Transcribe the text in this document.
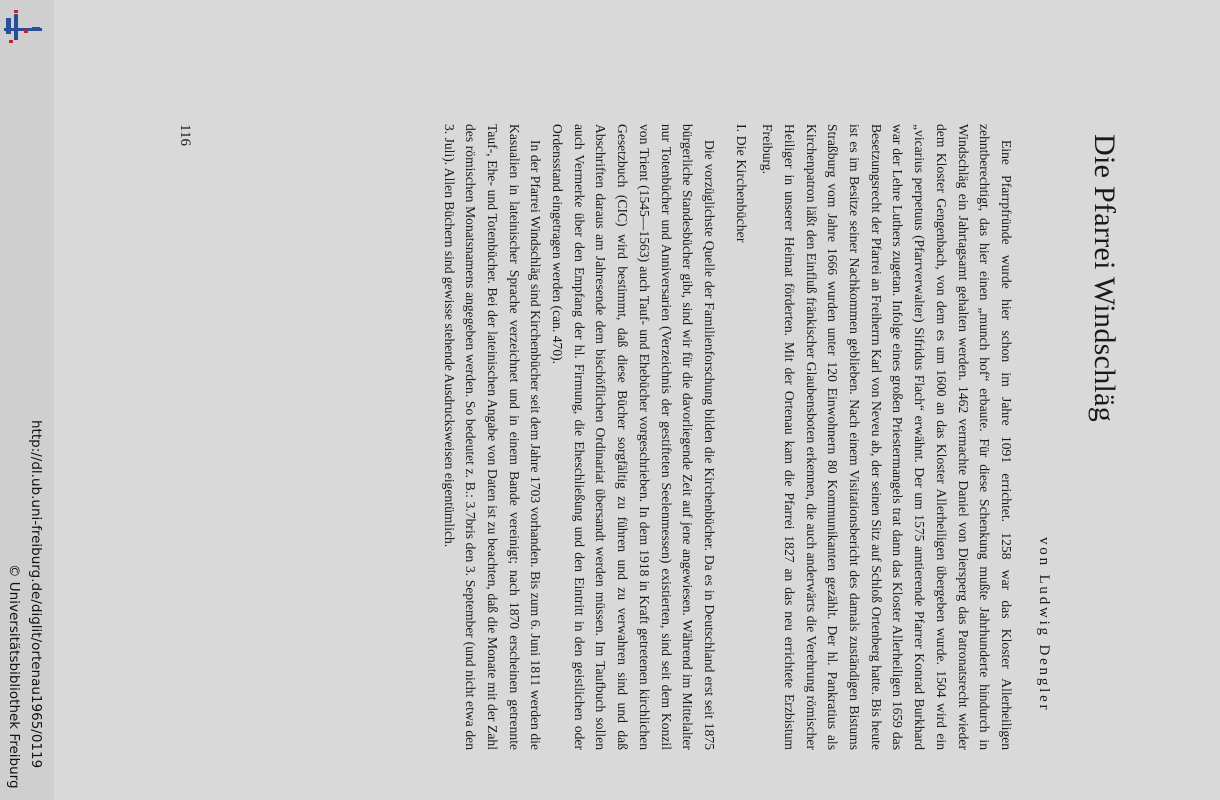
http://dl.ub.uni-freiburg.de/diglit/ortenau1965/0119
© Universitätsbibliothek Freiburg
Die Pfarrei Windschläg
von Ludwig Dengler

Eine Pfarrpfründe wurde hier schon im Jahre 1091 errichtet. 1258 war das Kloster Allerheiligen zehntberechtigt, das hier einen „munch hof“ erbaute. Für diese Schenkung mußte Jahrhunderte hindurch in Windschläg ein Jahrtagsamt gehalten werden. 1462 vermachte Daniel von Diersperg das Patronatsrecht wieder dem Kloster Gengenbach, von dem es um 1600 an das Kloster Allerheiligen übergeben wurde. 1504 wird ein „vicarius perpetuus (Pfarrverwalter) Sifridus Flach“ erwähnt. Der um 1575 amtierende Pfarrer Konrad Burkhard war der Lehre Luthers zugetan. Infolge eines großen Priestermangels trat dann das Kloster Allerheiligen 1659 das Besetzungsrecht der Pfarrei an Freiherrn Karl von Neveu ab, der seinen Sitz auf Schloß Ortenberg hatte. Bis heute ist es im Besitze seiner Nachkommen geblieben. Nach einem Visitationsbericht des damals zuständigen Bistums Straßburg vom Jahre 1666 wurden unter 120 Einwohnern 80 Kommunikanten gezählt. Der hl. Pankratius als Kirchenpatron läßt den Einfluß fränkischer Glaubensboten erkennen, die auch anderwärts die Verehrung römischer Heiliger in unserer Heimat förderten. Mit der Ortenau kam die Pfarrei 1827 an das neu errichtete Erzbistum Freiburg.

I. Die Kirchenbücher

Die vorzüglichste Quelle der Familienforschung bilden die Kirchenbücher. Da es in Deutschland erst seit 1875 bürgerliche Standesbücher gibt, sind wir für die davorliegende Zeit auf jene angewiesen. Während im Mittelalter nur Totenbücher und Anniversarien (Verzeichnis der gestifteten Seelenmessen) existierten, sind seit dem Konzil von Trient (1545—1563) auch Tauf- und Ehebücher vorgeschrieben. In dem 1918 in Kraft getretenen kirchlichen Gesetzbuch (CIC) wird bestimmt, daß diese Bücher sorgfältig zu führen und zu verwahren sind und daß Abschriften daraus am Jahresende dem bischöflichen Ordinariat übersandt werden müssen. Im Taufbuch sollen auch Vermerke über den Empfang der hl. Firmung, die Eheschließung und den Eintritt in den geistlichen oder Ordensstand eingetragen werden (can. 470).

In der Pfarrei Windschläg sind Kirchenbücher seit dem Jahre 1703 vorhanden. Bis zum 6. Juni 1811 werden die Kasualien in lateinischer Sprache verzeichnet und in einem Bande vereinigt; nach 1870 erscheinen getrennte Tauf-, Ehe- und Totenbücher. Bei der lateinischen Angabe von Daten ist zu beachten, daß die Monate mit der Zahl des römischen Monatsnamens angegeben werden. So bedeutet z. B.: 3.7bris den 3. September (und nicht etwa den 3. Juli). Allen Büchern sind gewisse stehende Ausdrucksweisen eigentümlich.

116
